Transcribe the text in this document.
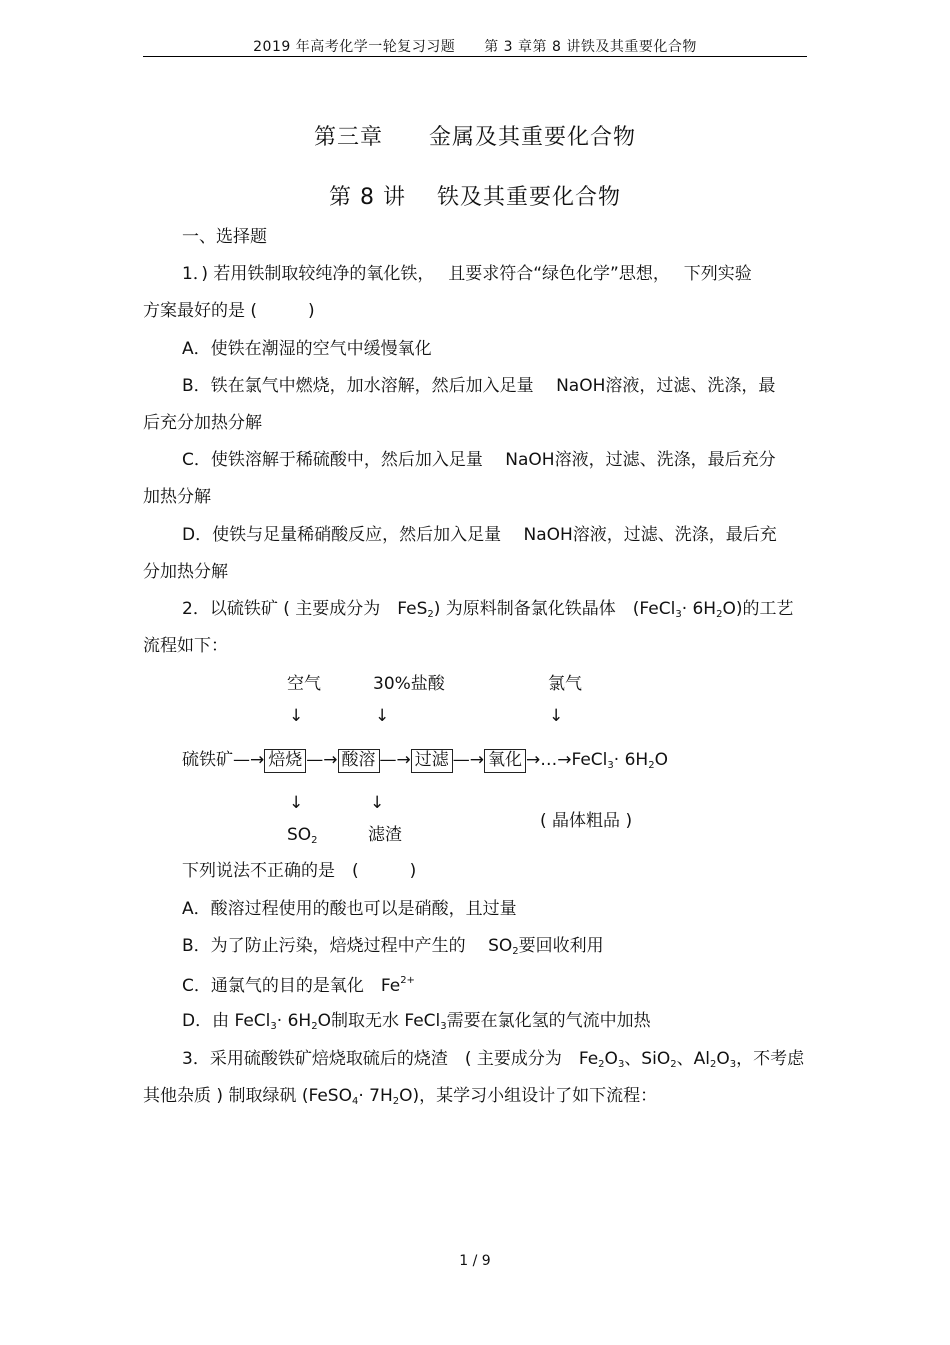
2019 年高考化学一轮复习习题　　第 3 章第 8 讲铁及其重要化合物
第三章　　金属及其重要化合物
第 8 讲　 铁及其重要化合物
一、选择题
1．) 若用铁制取较纯净的氧化铁，　 且要求符合“绿色化学”思想，　 下列实验
方案最好的是 (　　　)
A．使铁在潮湿的空气中缓慢氧化
B．铁在氯气中燃烧，加水溶解，然后加入足量　 NaOH溶液，过滤、洗涤，最
后充分加热分解
C．使铁溶解于稀硫酸中，然后加入足量　 NaOH溶液，过滤、洗涤，最后充分
加热分解
D．使铁与足量稀硝酸反应，然后加入足量　 NaOH溶液，过滤、洗涤，最后充
分加热分解
2．以硫铁矿 ( 主要成分为　FeS$_2$) 为原料制备氯化铁晶体　(FeCl$_3$· $6H_2O$)的工艺
流程如下：
空气	30%盐酸	氯气
↓	↓	↓
硫铁矿—→ 焙烧 —→ 酸溶 —→ 过滤 —→ 氧化 →…→FeCl$_3$· $6H_2O$
↓	↓
$SO_2$	滤渣
( 晶体粗品 )
下列说法不正确的是　(　　　)
A．酸溶过程使用的酸也可以是硝酸，且过量
B．为了防止污染，焙烧过程中产生的　 $SO_2$要回收利用
C．通氯气的目的是氧化　$Fe^{2+}$
D．由 FeCl$_3$· $6H_2O$制取无水 FeCl$_3$需要在氯化氢的气流中加热
3．采用硫酸铁矿焙烧取硫后的烧渣　( 主要成分为　$Fe_2O_3$、SiO$_2$、$Al_2O_3$，不考虑
其他杂质 ) 制取绿矾 (FeSO$_4$· $7H_2O$)，某学习小组设计了如下流程：
1 / 9
